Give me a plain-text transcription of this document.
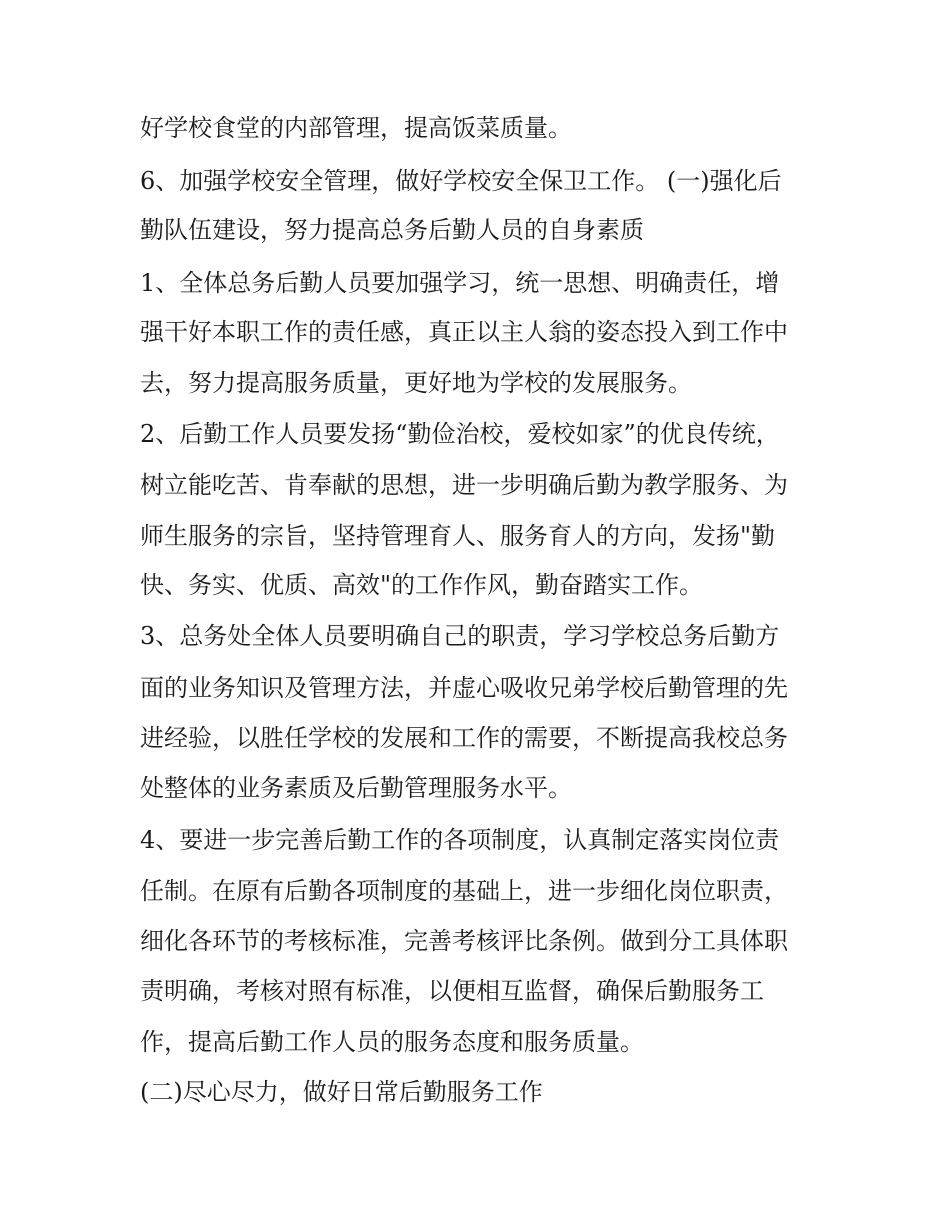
好学校食堂的内部管理，提高饭菜质量。
6、加强学校安全管理，做好学校安全保卫工作。 (一)强化后
勤队伍建设，努力提高总务后勤人员的自身素质
1、全体总务后勤人员要加强学习，统一思想、明确责任，增
强干好本职工作的责任感，真正以主人翁的姿态投入到工作中
去，努力提高服务质量，更好地为学校的发展服务。
2、后勤工作人员要发扬“勤俭治校，爱校如家”的优良传统，
树立能吃苦、肯奉献的思想，进一步明确后勤为教学服务、为
师生服务的宗旨，坚持管理育人、服务育人的方向，发扬"勤
快、务实、优质、高效"的工作作风，勤奋踏实工作。
3、总务处全体人员要明确自己的职责，学习学校总务后勤方
面的业务知识及管理方法，并虚心吸收兄弟学校后勤管理的先
进经验，以胜任学校的发展和工作的需要，不断提高我校总务
处整体的业务素质及后勤管理服务水平。
4、要进一步完善后勤工作的各项制度，认真制定落实岗位责
任制。在原有后勤各项制度的基础上，进一步细化岗位职责，
细化各环节的考核标准，完善考核评比条例。做到分工具体职
责明确，考核对照有标准，以便相互监督，确保后勤服务工
作，提高后勤工作人员的服务态度和服务质量。
(二)尽心尽力，做好日常后勤服务工作
